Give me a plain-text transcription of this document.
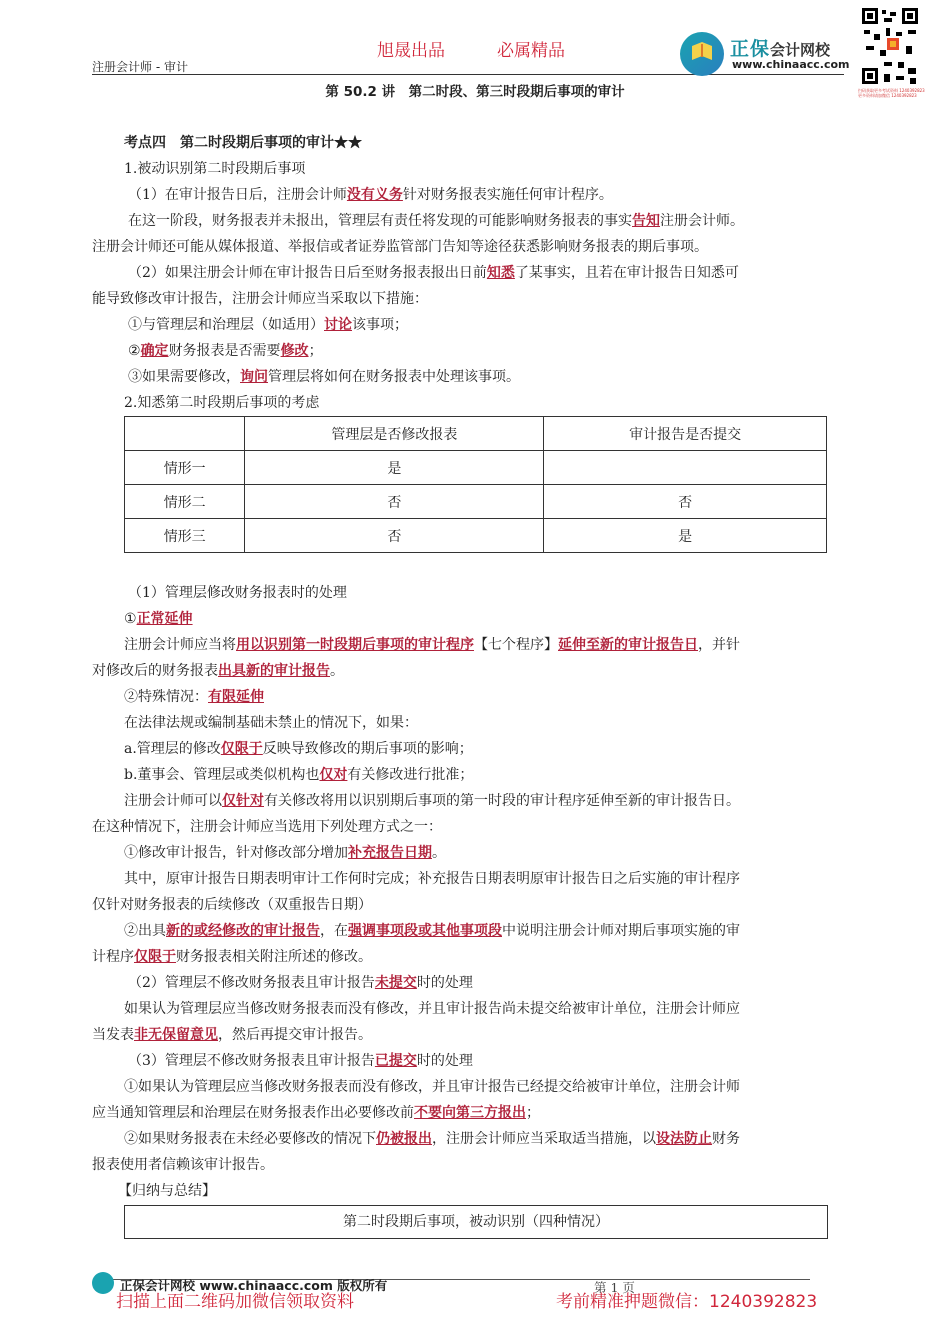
旭晟出品	必属精品
注册会计师 - 审计
正保会计网校
www.chinaacc.com
扫码获取更多考试资料 1240392823
更多资料请加微信 1240392823
第 50.2 讲　第二时段、第三时段期后事项的审计
考点四　第二时段期后事项的审计★★
1.被动识别第二时段期后事项
（1）在审计报告日后，注册会计师没有义务针对财务报表实施任何审计程序。
在这一阶段，财务报表并未报出，管理层有责任将发现的可能影响财务报表的事实告知注册会计师。
注册会计师还可能从媒体报道、举报信或者证券监管部门告知等途径获悉影响财务报表的期后事项。
（2）如果注册会计师在审计报告日后至财务报表报出日前知悉了某事实，且若在审计报告日知悉可
能导致修改审计报告，注册会计师应当采取以下措施：
①与管理层和治理层（如适用）讨论该事项；
②确定财务报表是否需要修改；
③如果需要修改，询问管理层将如何在财务报表中处理该事项。
2.知悉第二时段期后事项的考虑
	管理层是否修改报表	审计报告是否提交
情形一	是	
情形二	否	否
情形三	否	是
（1）管理层修改财务报表时的处理
①正常延伸
注册会计师应当将用以识别第一时段期后事项的审计程序【七个程序】延伸至新的审计报告日，并针
对修改后的财务报表出具新的审计报告。
②特殊情况：有限延伸
在法律法规或编制基础未禁止的情况下，如果：
a.管理层的修改仅限于反映导致修改的期后事项的影响；
b.董事会、管理层或类似机构也仅对有关修改进行批准；
注册会计师可以仅针对有关修改将用以识别期后事项的第一时段的审计程序延伸至新的审计报告日。
在这种情况下，注册会计师应当选用下列处理方式之一：
①修改审计报告，针对修改部分增加补充报告日期。
其中，原审计报告日期表明审计工作何时完成；补充报告日期表明原审计报告日之后实施的审计程序
仅针对财务报表的后续修改（双重报告日期）
②出具新的或经修改的审计报告，在强调事项段或其他事项段中说明注册会计师对期后事项实施的审
计程序仅限于财务报表相关附注所述的修改。
（2）管理层不修改财务报表且审计报告未提交时的处理
如果认为管理层应当修改财务报表而没有修改，并且审计报告尚未提交给被审计单位，注册会计师应
当发表非无保留意见，然后再提交审计报告。
（3）管理层不修改财务报表且审计报告已提交时的处理
①如果认为管理层应当修改财务报表而没有修改，并且审计报告已经提交给被审计单位，注册会计师
应当通知管理层和治理层在财务报表作出必要修改前不要向第三方报出；
②如果财务报表在未经必要修改的情况下仍被报出，注册会计师应当采取适当措施，以设法防止财务
报表使用者信赖该审计报告。
【归纳与总结】
第二时段期后事项，被动识别（四种情况）
正保会计网校 www.chinaacc.com 版权所有	第 1 页
扫描上面二维码加微信领取资料	考前精准押题微信：1240392823
